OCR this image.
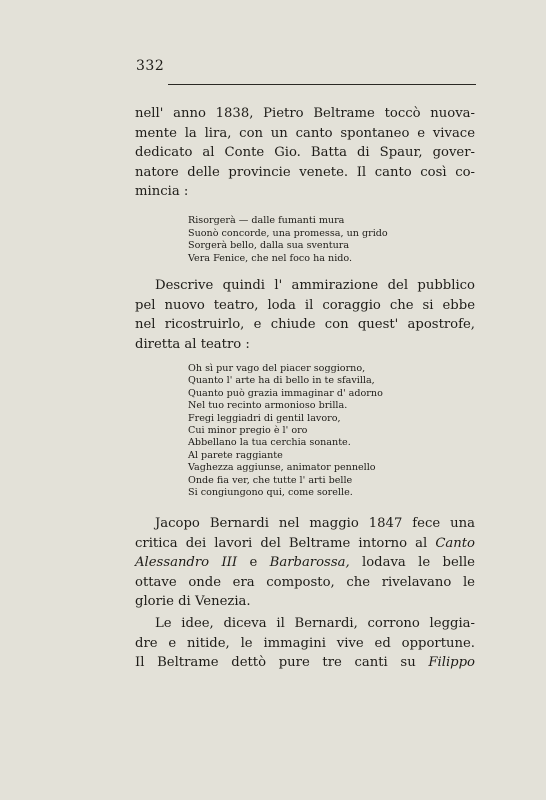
332
nell' anno 1838, Pietro Beltrame toccò nuova-
mente la lira, con un canto spontaneo e vivace
dedicato al Conte Gio. Batta di Spaur, gover-
natore delle provincie venete. Il canto così co-
mincia :
Risorgerà — dalle fumanti mura
Suonò concorde, una promessa, un grido
Sorgerà bello, dalla sua sventura
Vera Fenice, che nel foco ha nido.
Descrive quindi l' ammirazione del pubblico
pel nuovo teatro, loda il coraggio che si ebbe
nel ricostruirlo, e chiude con quest' apostrofe,
diretta al teatro :
Oh sì pur vago del piacer soggiorno,
Quanto l' arte ha di bello in te sfavilla,
Quanto può grazia immaginar d' adorno
Nel tuo recinto armonioso brilla.
Fregi leggiadri di gentil lavoro,
Cui minor pregio è l' oro
Abbellano la tua cerchia sonante.
Al parete raggiante
Vaghezza aggiunse, animator pennello
Onde fia ver, che tutte l' arti belle
Si congiungono qui, come sorelle.
Jacopo Bernardi nel maggio 1847 fece una
critica dei lavori del Beltrame intorno al Canto
Alessandro III e Barbarossa, lodava le belle
ottave onde era composto, che rivelavano le
glorie di Venezia.
Le idee, diceva il Bernardi, corrono leggia-
dre e nitide, le immagini vive ed opportune.
Il Beltrame dettò pure tre canti su Filippo
